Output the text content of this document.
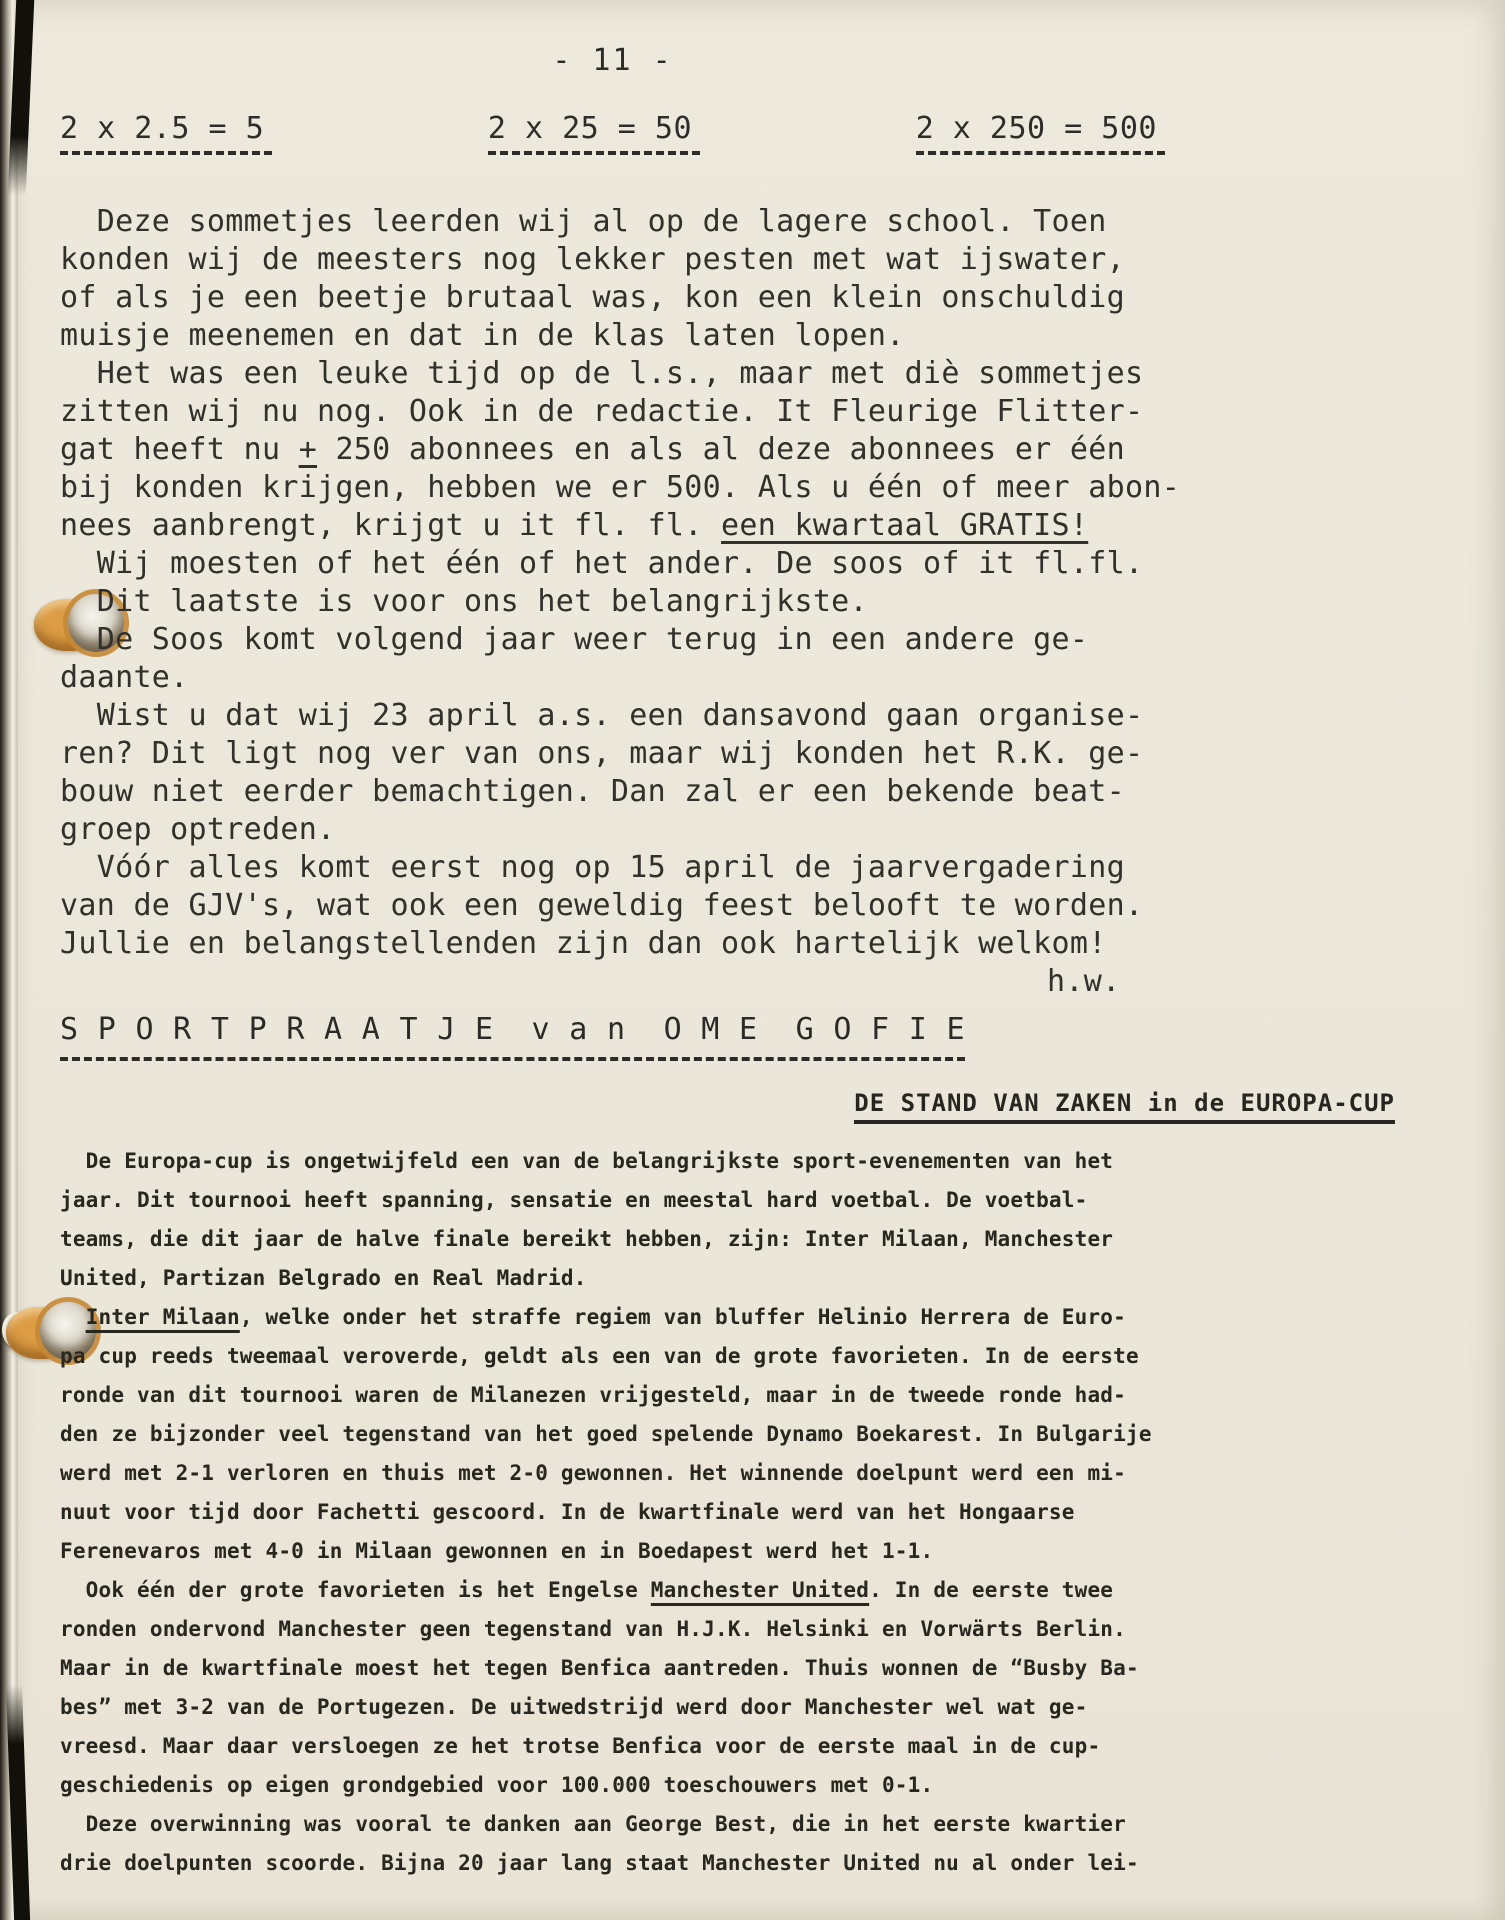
- 11 -
2 x 2.5 = 5	2 x 25 = 50	2 x 250 = 500
Deze sommetjes leerden wij al op de lagere school. Toen
konden wij de meesters nog lekker pesten met wat ijswater,
of als je een beetje brutaal was, kon een klein onschuldig
muisje meenemen en dat in de klas laten lopen.
Het was een leuke tijd op de l.s., maar met diè sommetjes
zitten wij nu nog. Ook in de redactie. It Fleurige Flitter-
gat heeft nu + 250 abonnees en als al deze abonnees er één
bij konden krijgen, hebben we er 500. Als u één of meer abon-
nees aanbrengt, krijgt u it fl. fl. een kwartaal GRATIS!
Wij moesten of het één of het ander. De soos of it fl.fl.
Dit laatste is voor ons het belangrijkste.
De Soos komt volgend jaar weer terug in een andere ge-
daante.
Wist u dat wij 23 april a.s. een dansavond gaan organise-
ren? Dit ligt nog ver van ons, maar wij konden het R.K. ge-
bouw niet eerder bemachtigen. Dan zal er een bekende beat-
groep optreden.
Vóór alles komt eerst nog op 15 april de jaarvergadering
van de GJV's, wat ook een geweldig feest belooft te worden.
Jullie en belangstellenden zijn dan ook hartelijk welkom!
h.w.
S P O R T P R A A T J E  v a n  O M E  G O F I E
DE STAND VAN ZAKEN in de EUROPA-CUP
De Europa-cup is ongetwijfeld een van de belangrijkste sport-evenementen van het
jaar. Dit tournooi heeft spanning, sensatie en meestal hard voetbal. De voetbal-
teams, die dit jaar de halve finale bereikt hebben, zijn: Inter Milaan, Manchester
United, Partizan Belgrado en Real Madrid.
Inter Milaan, welke onder het straffe regiem van bluffer Helinio Herrera de Euro-
pa cup reeds tweemaal veroverde, geldt als een van de grote favorieten. In de eerste
ronde van dit tournooi waren de Milanezen vrijgesteld, maar in de tweede ronde had-
den ze bijzonder veel tegenstand van het goed spelende Dynamo Boekarest. In Bulgarije
werd met 2-1 verloren en thuis met 2-0 gewonnen. Het winnende doelpunt werd een mi-
nuut voor tijd door Fachetti gescoord. In de kwartfinale werd van het Hongaarse
Ferenevaros met 4-0 in Milaan gewonnen en in Boedapest werd het 1-1.
Ook één der grote favorieten is het Engelse Manchester United. In de eerste twee
ronden ondervond Manchester geen tegenstand van H.J.K. Helsinki en Vorwärts Berlin.
Maar in de kwartfinale moest het tegen Benfica aantreden. Thuis wonnen de “Busby Ba-
bes” met 3-2 van de Portugezen. De uitwedstrijd werd door Manchester wel wat ge-
vreesd. Maar daar versloegen ze het trotse Benfica voor de eerste maal in de cup-
geschiedenis op eigen grondgebied voor 100.000 toeschouwers met 0-1.
Deze overwinning was vooral te danken aan George Best, die in het eerste kwartier
drie doelpunten scoorde. Bijna 20 jaar lang staat Manchester United nu al onder lei-
